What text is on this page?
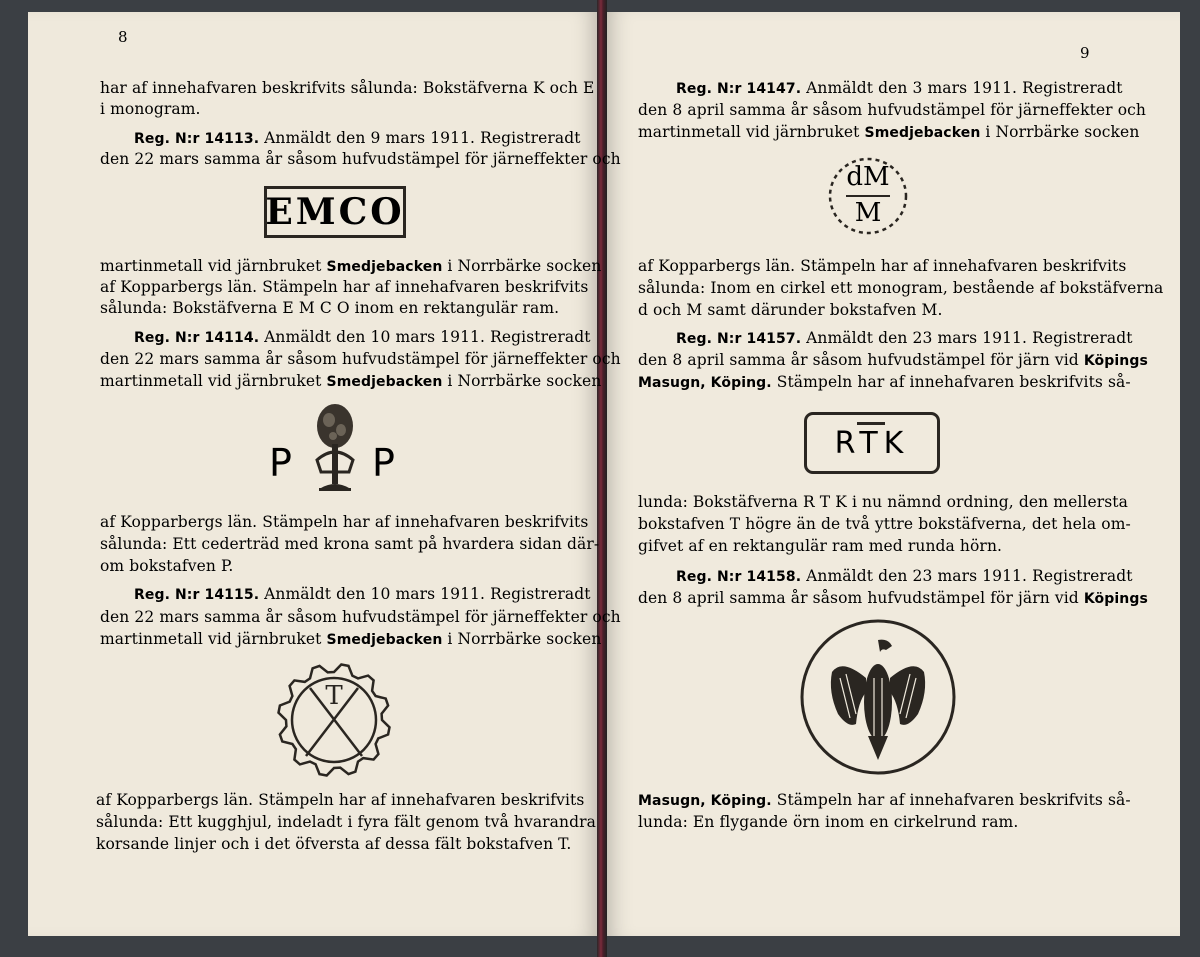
8
har af innehafvaren beskrifvits sålunda: Bokstäfverna K och E
i monogram.
Reg. N:r 14113. Anmäldt den 9 mars 1911. Registreradt
den 22 mars samma år såsom hufvudstämpel för järneffekter och
EMCO
martinmetall vid järnbruket Smedjebacken i Norrbärke socken
af Kopparbergs län. Stämpeln har af innehafvaren beskrifvits
sålunda: Bokstäfverna E M C O inom en rektangulär ram.
Reg. N:r 14114. Anmäldt den 10 mars 1911. Registreradt
den 22 mars samma år såsom hufvudstämpel för järneffekter och
martinmetall vid järnbruket Smedjebacken i Norrbärke socken
P P
af Kopparbergs län. Stämpeln har af innehafvaren beskrifvits
sålunda: Ett cederträd med krona samt på hvardera sidan där-
om bokstafven P.
Reg. N:r 14115. Anmäldt den 10 mars 1911. Registreradt
den 22 mars samma år såsom hufvudstämpel för järneffekter och
martinmetall vid järnbruket Smedjebacken i Norrbärke socken
T
af Kopparbergs län. Stämpeln har af innehafvaren beskrifvits
sålunda: Ett kugghjul, indeladt i fyra fält genom två hvarandra
korsande linjer och i det öfversta af dessa fält bokstafven T.
9
Reg. N:r 14147. Anmäldt den 3 mars 1911. Registreradt
den 8 april samma år såsom hufvudstämpel för järneffekter och
martinmetall vid järnbruket Smedjebacken i Norrbärke socken
dM
M
af Kopparbergs län. Stämpeln har af innehafvaren beskrifvits
sålunda: Inom en cirkel ett monogram, bestående af bokstäfverna
d och M samt därunder bokstafven M.
Reg. N:r 14157. Anmäldt den 23 mars 1911. Registreradt
den 8 april samma år såsom hufvudstämpel för järn vid Köpings
Masugn, Köping. Stämpeln har af innehafvaren beskrifvits så-
RTK
lunda: Bokstäfverna R T K i nu nämnd ordning, den mellersta
bokstafven T högre än de två yttre bokstäfverna, det hela om-
gifvet af en rektangulär ram med runda hörn.
Reg. N:r 14158. Anmäldt den 23 mars 1911. Registreradt
den 8 april samma år såsom hufvudstämpel för järn vid Köpings
Masugn, Köping. Stämpeln har af innehafvaren beskrifvits så-
lunda: En flygande örn inom en cirkelrund ram.
